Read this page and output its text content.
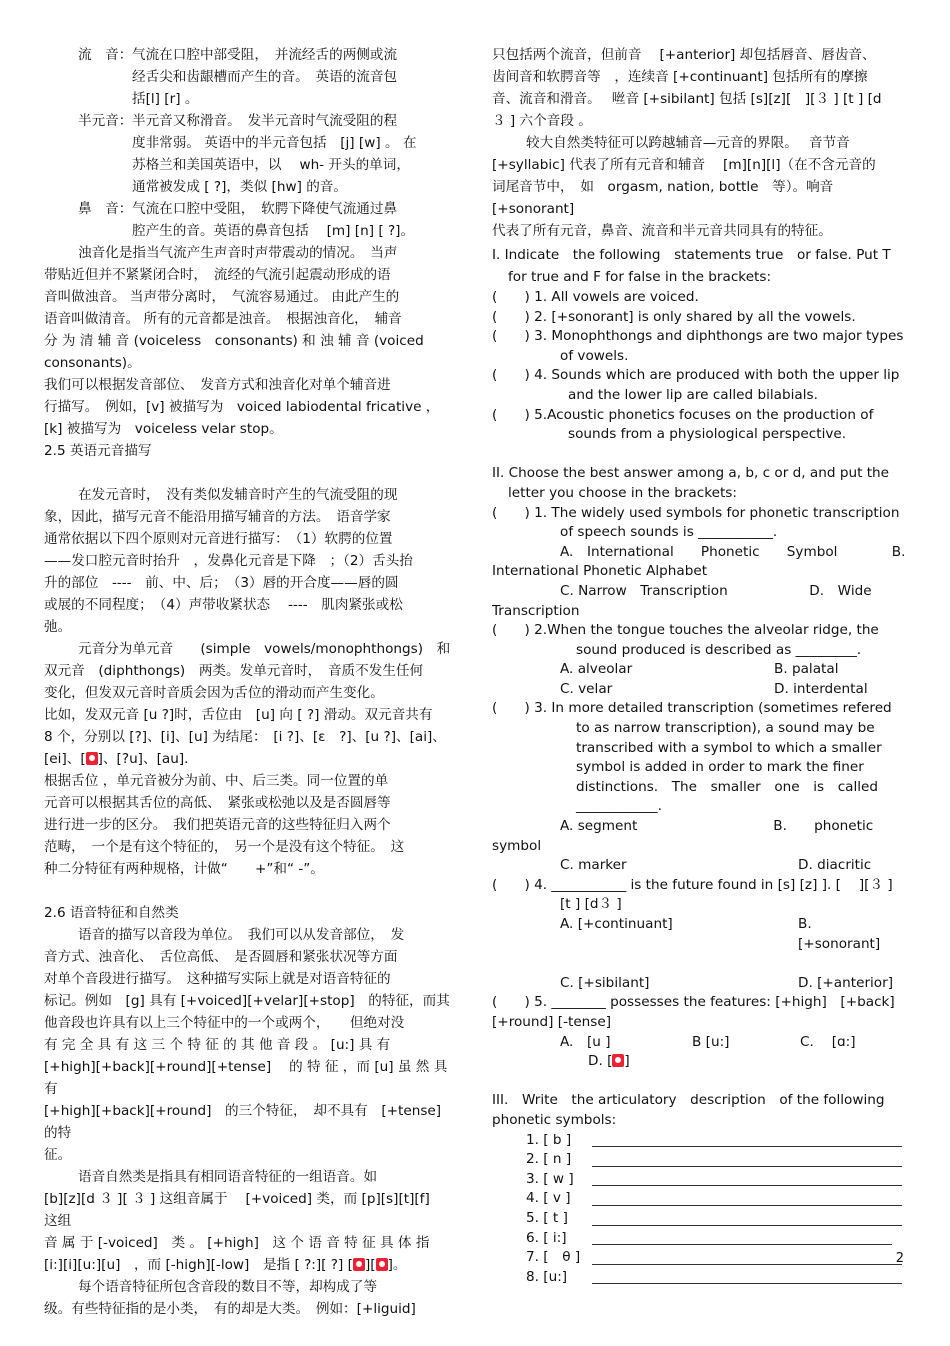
流　音： 气流在口腔中部受阻，　并流经舌的两侧或流

经舌尖和齿龈槽而产生的音。　英语的流音包

括[l] [r] 。

半元音： 半元音又称滑音。　发半元音时气流受阻的程

度非常弱。 英语中的半元音包括　[j] [w] 。 在

苏格兰和美国英语中，以　 wh- 开头的单词，

通常被发成 [ ?]，类似 [hw] 的音。

鼻　音： 气流在口腔中受阻，　软腭下降使气流通过鼻

腔产生的音。英语的鼻音包括　 [m] [n] [ ?]。

浊音化是指当气流产生声音时声带震动的情况。　当声

带贴近但并不紧紧闭合时，　流经的气流引起震动形成的语

音叫做浊音。 当声带分离时，　气流容易通过。 由此产生的

语音叫做清音。 所有的元音都是浊音。　根据浊音化，　辅音

分 为 清 辅 音 (voiceless　consonants) 和 浊 辅 音 (voiced

consonants)。

我们可以根据发音部位、　发音方式和浊音化对单个辅音进

行描写。　例如，[v] 被描写为　voiced labiodental fricative ，

[k] 被描写为　voiceless velar stop。

2.5 英语元音描写

在发元音时，　没有类似发辅音时产生的气流受阻的现

象，因此，描写元音不能沿用描写辅音的方法。　语音学家

通常依据以下四个原则对元音进行描写：　（1）软腭的位置

——发口腔元音时抬升　，发鼻化元音是下降　；（2）舌头抬

升的部位　----　前、中、后；　（3）唇的开合度——唇的圆

或展的不同程度；　（4）声带收紧状态　 ----　肌肉紧张或松

弛。

元音分为单元音　　(simple　vowels/monophthongs)　和

双元音　(diphthongs)　两类。发单元音时，　音质不发生任何

变化，但发双元音时音质会因为舌位的滑动而产生变化。

比如，发双元音 [u ?]时，舌位由　[u] 向 [ ?] 滑动。双元音共有

8 个，分别以 [?]、[i]、[u] 为结尾：　[i ?]、[ε　?]、[u ?]、[ai]、

[ei]、[ ]、[?u]、[au].

根据舌位 ，单元音被分为前、中、后三类。同一位置的单

元音可以根据其舌位的高低、　紧张或松弛以及是否圆唇等

进行进一步的区分。　我们把英语元音的这些特征归入两个

范畴，　一个是有这个特征的，　另一个是没有这个特征。　这

种二分特征有两种规格，计做“　　+”和“ -”。

2.6 语音特征和自然类

语音的描写以音段为单位。　我们可以从发音部位，　发

音方式、浊音化、　舌位高低、　是否圆唇和紧张状况等方面

对单个音段进行描写。　这种描写实际上就是对语音特征的

标记。例如　[g] 具有 [+voiced][+velar][+stop]　的特征，而其

他音段也许具有以上三个特征中的一个或两个，　　但绝对没

有 完 全 具 有 这 三 个 特 征 的 其 他 音 段 。 [u:] 具 有

[+high][+back][+round][+tense]　 的 特 征 ，而 [u] 虽 然 具 有

[+high][+back][+round]　的三个特征，　却不具有　[+tense] 的特

征。

语音自然类是指具有相同语音特征的一组语音。如

[b][z][d ３ ][ ３ ] 这组音属于　 [+voiced] 类，而 [p][s][t][f]　这组

音 属 于 [-voiced]　类 。 [+high]　这 个 语 音 特 征 具 体 指

[i:][i][u:][u]　，而 [-high][-low]　是指 [ ?:][ ?] [ ][ ]。

每个语音特征所包含音段的数目不等，却构成了等

级。有些特征指的是小类，　有的却是大类。　例如：[+liguid]

只包括两个流音，但前音　 [+anterior] 却包括唇音、唇齿音、

齿间音和软腭音等　，连续音 [+continuant] 包括所有的摩擦

音、流音和滑音。　 咝音 [+sibilant] 包括 [s][z][　][３ ] [t ] [d

３ ] 六个音段 。

较大自然类特征可以跨越辅音—元音的界限。　 音节音

[+syllabic] 代表了所有元音和辅音　 [m][n][l]（在不含元音的

词尾音节中，　如　orgasm, nation, bottle　等）。响音 [+sonorant]

代表了所有元音，鼻音、流音和半元音共同具有的特征。

I. Indicate　the following　statements true　or false. Put T

for true and F for false in the brackets:

(　　) 1. All vowels are voiced.

(　　) 2. [+sonorant] is only shared by all the vowels.

(　　) 3. Monophthongs and diphthongs are two major types

of vowels.

(　　) 4. Sounds which are produced with both the upper lip

and the lower lip are called bilabials.

(　　) 5.Acoustic phonetics focuses on the production of

sounds from a physiological perspective.

II. Choose the best answer among a, b, c or d, and put the

letter you choose in the brackets:

(　　) 1. The widely used symbols for phonetic transcription

of speech sounds is ___________.

A.　International　　Phonetic　　Symbol　　　　B.

International Phonetic Alphabet

C. Narrow　Transcription　　　　　　D.　Wide

Transcription

(　　) 2.When the tongue touches the alveolar ridge, the

sound produced is described as _________.

A. alveolar	B. palatal
C. velar	D. interdental

(　　) 3. In more detailed transcription (sometimes refered

to as narrow transcription), a sound may be

transcribed with a symbol to which a smaller

symbol is added in order to mark the finer

distinctions.　The　smaller　one　is　called

____________.

A. segment　　　　　　　　　　B.　　phonetic

symbol

C. marker	D. diacritic

(　　) 4. ___________ is the future found in [s] [z] ]. [　 ][３ ]

[t ] [d３ ]

A. [+continuant]	B.　[+sonorant]
C. [+sibilant]	D. [+anterior]

(　　) 5. ________ possesses the features: [+high]　[+back]

[+round] [-tense]

A.　[u ]	B [u:]	C.　 [ɑ:]

D. [ ]

III.　Write　the articulatory　description　of the following

phonetic symbols:

1. [ b ]
2. [ n ]
3. [ w ]
4. [ v ]
5. [ t ]
6. [ i:]
7. [　θ ]
8. [u:]
2
